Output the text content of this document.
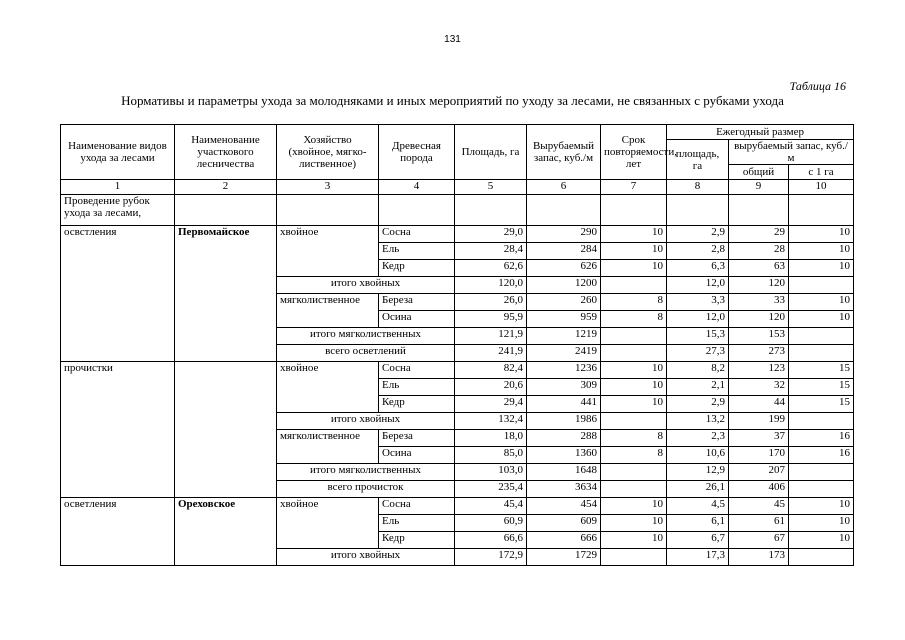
131
Таблица 16
Нормативы и параметры ухода за молодняками и иных мероприятий по уходу за лесами, не связанных с рубками ухода
Наименование видов ухода за лесами	Наименование участкового лесничества	Хозяйство (хвойное, мягко-лиственное)	Древесная порода	Площадь, га	Вырубаемый запас, куб./м	Срок повторяемости, лет	Ежегодный размер		
							площадь, га	вырубаемый запас, куб./м	
								общий	с 1 га
1	2	3	4	5	6	7	8	9	10
Проведение рубок ухода за лесами,									
освстления	Первомайское	хвойное	Сосна	29,0	290	10	2,9	29	10
			Ель	28,4	284	10	2,8	28	10
			Кедр	62,6	626	10	6,3	63	10
		итого хвойных		120,0	1200		12,0	120	
		мягколиственное	Береза	26,0	260	8	3,3	33	10
			Осина	95,9	959	8	12,0	120	10
		итого мягколиственных		121,9	1219		15,3	153	
		всего осветлений		241,9	2419		27,3	273	
прочистки		хвойное	Сосна	82,4	1236	10	8,2	123	15
			Ель	20,6	309	10	2,1	32	15
			Кедр	29,4	441	10	2,9	44	15
		итого хвойных		132,4	1986		13,2	199	
		мягколиственное	Береза	18,0	288	8	2,3	37	16
			Осина	85,0	1360	8	10,6	170	16
		итого мягколиственных		103,0	1648		12,9	207	
		всего прочисток		235,4	3634		26,1	406	
осветления	Ореховское	хвойное	Сосна	45,4	454	10	4,5	45	10
			Ель	60,9	609	10	6,1	61	10
			Кедр	66,6	666	10	6,7	67	10
		итого хвойных		172,9	1729		17,3	173	
